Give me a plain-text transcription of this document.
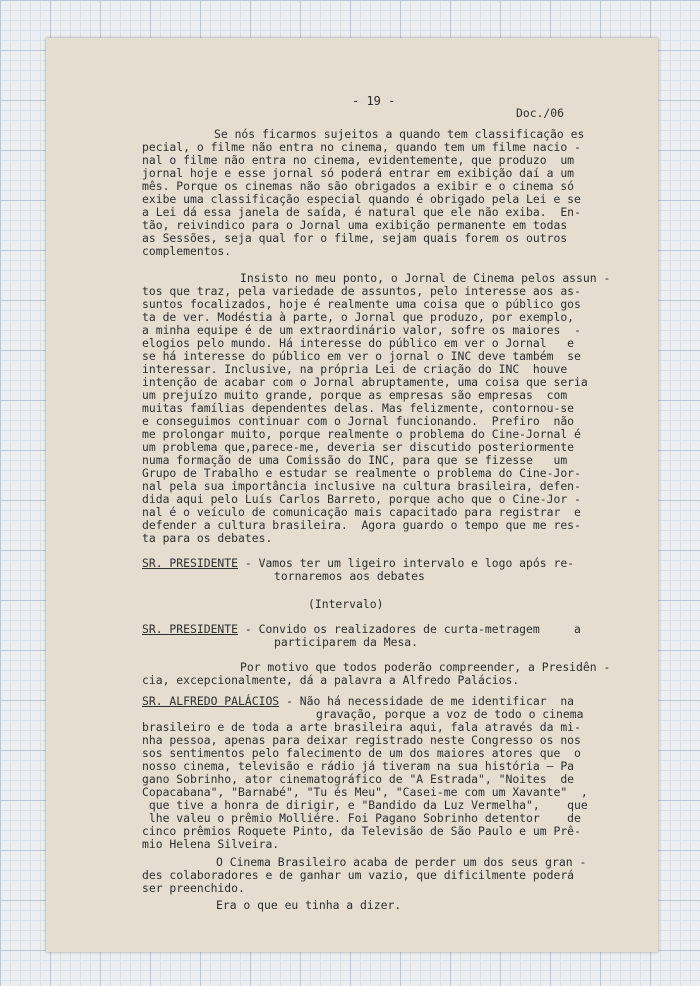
- 19 -
Doc./06
Se nós ficarmos sujeitos a quando tem classificação es
pecial, o filme não entra no cinema, quando tem um filme nacio -
nal o filme não entra no cinema, evidentemente, que produzo  um
jornal hoje e esse jornal só poderá entrar em exibição daí a um
mês. Porque os cinemas não são obrigados a exibir e o cinema só
exibe uma classificação especial quando é obrigado pela Lei e se
a Lei dá essa janela de saída, é natural que ele não exiba.  En-
tão, reivindico para o Jornal uma exibição permanente em todas
as Sessões, seja qual for o filme, sejam quais forem os outros
complementos.
Insisto no meu ponto, o Jornal de Cinema pelos assun -
tos que traz, pela variedade de assuntos, pelo interesse aos as-
suntos focalizados, hoje é realmente uma coisa que o público gos
ta de ver. Modéstia à parte, o Jornal que produzo, por exemplo,
a minha equipe é de um extraordinário valor, sofre os maiores  -
elogios pelo mundo. Há interesse do público em ver o Jornal   e
se há interesse do público em ver o jornal o INC deve também  se
interessar. Inclusive, na própria Lei de criação do INC  houve
intenção de acabar com o Jornal abruptamente, uma coisa que seria
um prejuízo muito grande, porque as empresas são empresas  com
muitas famílias dependentes delas. Mas felizmente, contornou-se
e conseguimos continuar com o Jornal funcionando.  Prefiro  não
me prolongar muito, porque realmente o problema do Cine-Jornal é
um problema que,parece-me, deveria ser discutido posteriormente
numa formação de uma Comissão do INC, para que se fizesse   um
Grupo de Trabalho e estudar se realmente o problema do Cine-Jor-
nal pela sua importância inclusive na cultura brasileira, defen-
dida aqui pelo Luís Carlos Barreto, porque acho que o Cine-Jor -
nal é o veículo de comunicação mais capacitado para registrar  e
defender a cultura brasileira.  Agora guardo o tempo que me res-
ta para os debates.
SR. PRESIDENTE - Vamos ter um ligeiro intervalo e logo após re-
tornaremos aos debates
(Intervalo)
SR. PRESIDENTE - Convido os realizadores de curta-metragem     a
participarem da Mesa.
Por motivo que todos poderão compreender, a Presidên -
cia, excepcionalmente, dá a palavra a Alfredo Palácios.
SR. ALFREDO PALÁCIOS - Não há necessidade de me identificar  na
gravação, porque a voz de todo o cinema
brasileiro e de toda a arte brasileira aqui, fala através da mi-
nha pessoa, apenas para deixar registrado neste Congresso os nos
sos sentimentos pelo falecimento de um dos maiores atores que  o
nosso cinema, televisão e rádio já tiveram na sua história — Pa
gano Sobrinho, ator cinematográfico de "A Estrada", "Noites  de
Copacabana", "Barnabé", "Tu és Meu", "Casei-me com um Xavante"  ,
que tive a honra de dirigir, e "Bandido da Luz Vermelha",    que
lhe valeu o prêmio Molliére. Foi Pagano Sobrinho detentor    de
cinco prêmios Roquete Pinto, da Televisão de São Paulo e um Prê-
mio Helena Silveira.
O Cinema Brasileiro acaba de perder um dos seus gran -
des colaboradores e de ganhar um vazio, que dificilmente poderá
ser preenchido.
Era o que eu tinha a dizer.
